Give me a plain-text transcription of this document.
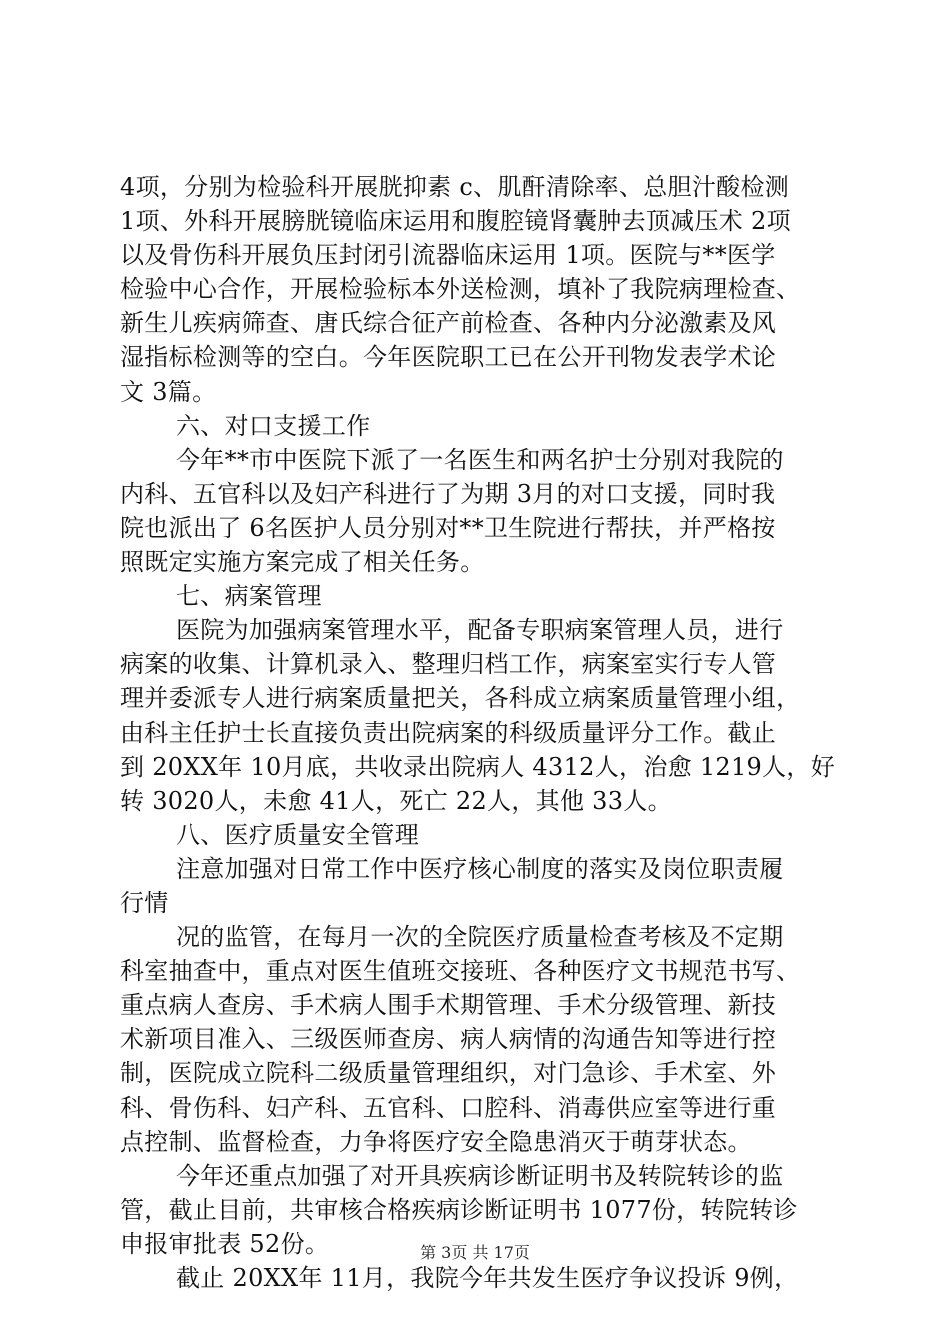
4项，分别为检验科开展胱抑素 c、肌酐清除率、总胆汁酸检测
1项、外科开展膀胱镜临床运用和腹腔镜肾囊肿去顶减压术 2项
以及骨伤科开展负压封闭引流器临床运用 1项。医院与**医学
检验中心合作，开展检验标本外送检测，填补了我院病理检查、
新生儿疾病筛查、唐氏综合征产前检查、各种内分泌激素及风
湿指标检测等的空白。今年医院职工已在公开刊物发表学术论
文 3篇。
六、对口支援工作
今年**市中医院下派了一名医生和两名护士分别对我院的
内科、五官科以及妇产科进行了为期 3月的对口支援，同时我
院也派出了 6名医护人员分别对**卫生院进行帮扶，并严格按
照既定实施方案完成了相关任务。
七、病案管理
医院为加强病案管理水平，配备专职病案管理人员，进行
病案的收集、计算机录入、整理归档工作，病案室实行专人管
理并委派专人进行病案质量把关，各科成立病案质量管理小组，
由科主任护士长直接负责出院病案的科级质量评分工作。截止
到 20XX年 10月底，共收录出院病人 4312人，治愈 1219人，好
转 3020人，未愈 41人，死亡 22人，其他 33人。
八、医疗质量安全管理
注意加强对日常工作中医疗核心制度的落实及岗位职责履
行情
况的监管，在每月一次的全院医疗质量检查考核及不定期
科室抽查中，重点对医生值班交接班、各种医疗文书规范书写、
重点病人查房、手术病人围手术期管理、手术分级管理、新技
术新项目准入、三级医师查房、病人病情的沟通告知等进行控
制，医院成立院科二级质量管理组织，对门急诊、手术室、外
科、骨伤科、妇产科、五官科、口腔科、消毒供应室等进行重
点控制、监督检查，力争将医疗安全隐患消灭于萌芽状态。
今年还重点加强了对开具疾病诊断证明书及转院转诊的监
管，截止目前，共审核合格疾病诊断证明书 1077份，转院转诊
申报审批表 52份。
截止 20XX年 11月，我院今年共发生医疗争议投诉 9例，
第 3页 共 17页
